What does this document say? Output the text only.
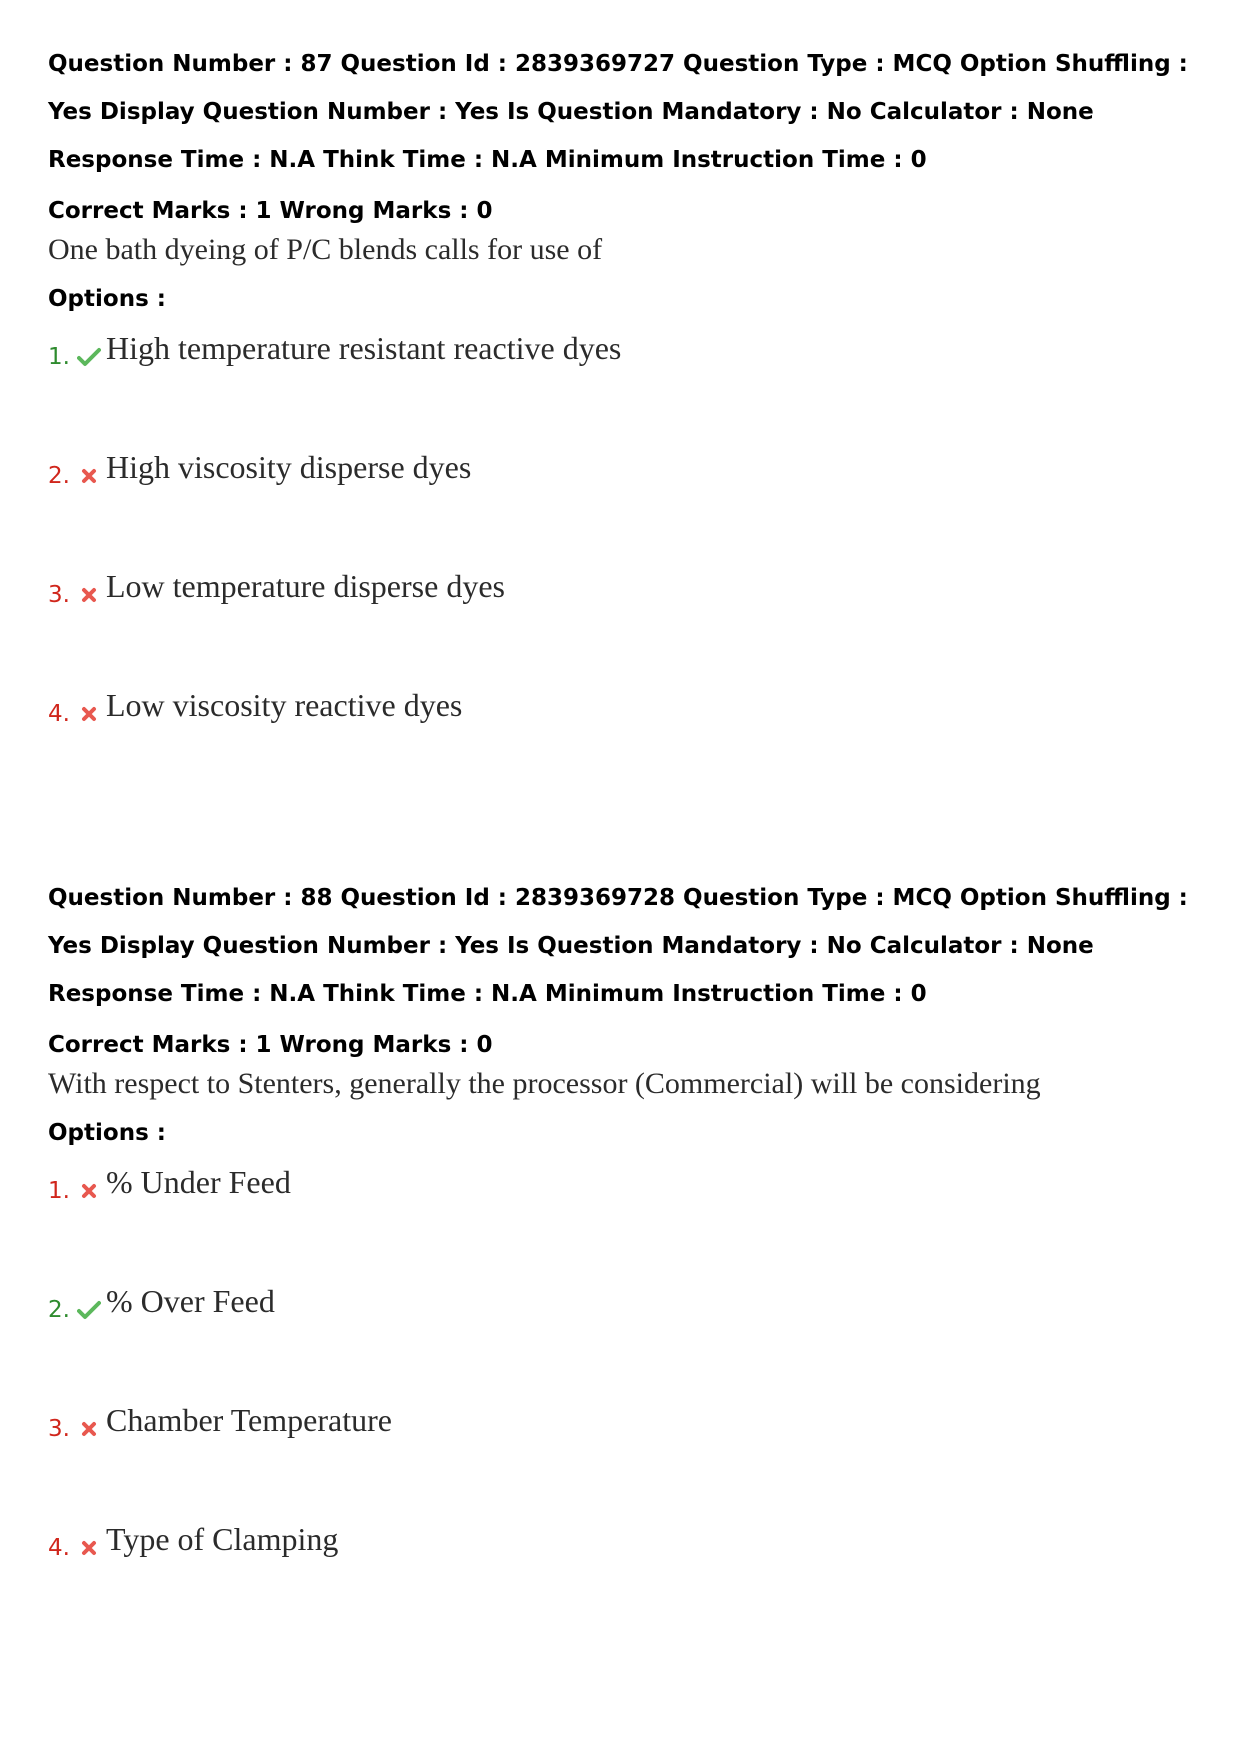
Question Number : 87 Question Id : 2839369727 Question Type : MCQ Option Shuffling : Yes Display Question Number : Yes Is Question Mandatory : No Calculator : None Response Time : N.A Think Time : N.A Minimum Instruction Time : 0

Correct Marks : 1 Wrong Marks : 0
One bath dyeing of P/C blends calls for use of
Options :
1. High temperature resistant reactive dyes
2. High viscosity disperse dyes
3. Low temperature disperse dyes
4. Low viscosity reactive dyes

Question Number : 88 Question Id : 2839369728 Question Type : MCQ Option Shuffling : Yes Display Question Number : Yes Is Question Mandatory : No Calculator : None Response Time : N.A Think Time : N.A Minimum Instruction Time : 0

Correct Marks : 1 Wrong Marks : 0
With respect to Stenters, generally the processor (Commercial) will be considering
Options :
1. % Under Feed
2. % Over Feed
3. Chamber Temperature
4. Type of Clamping
